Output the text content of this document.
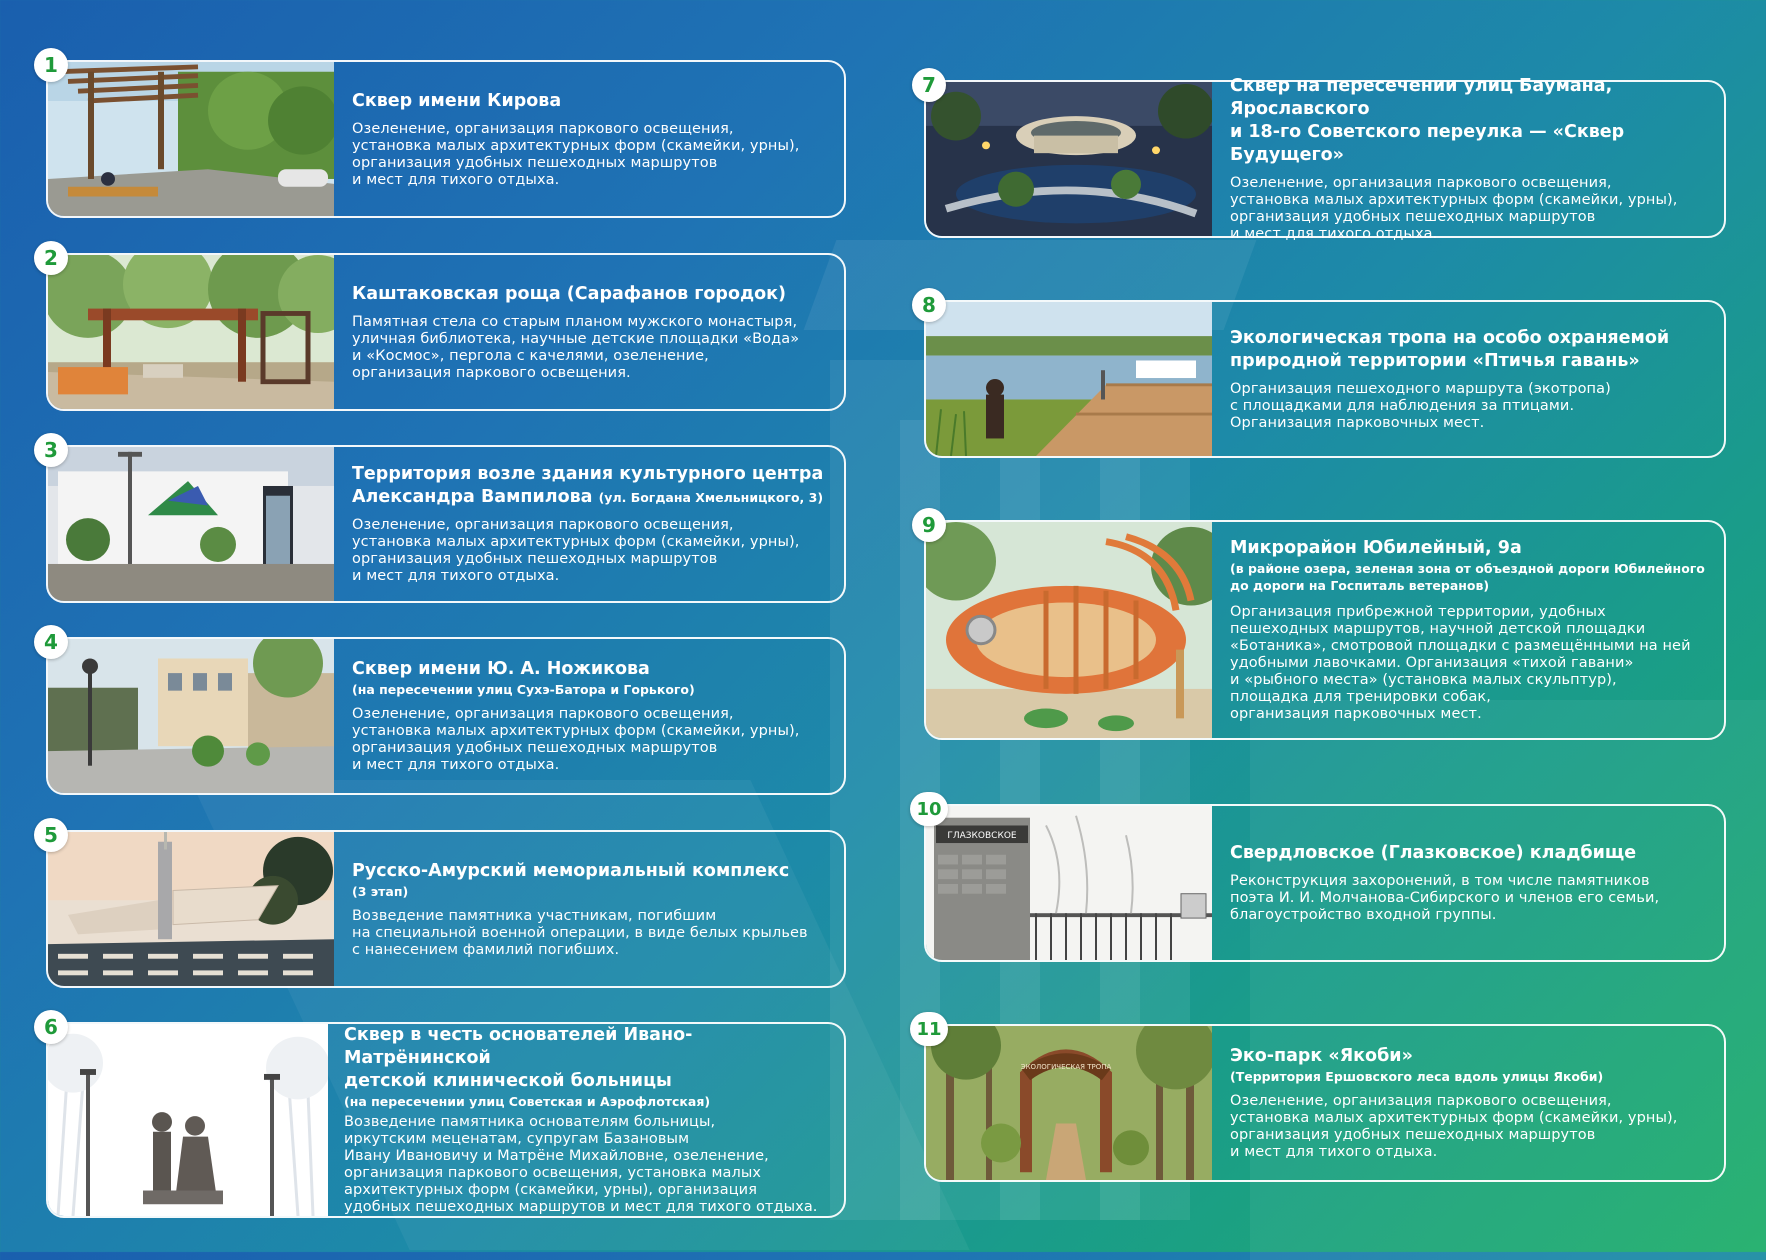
1

Сквер имени Кирова

Озеленение, организация паркового освещения,
установка малых архитектурных форм (скамейки, урны),
организация удобных пешеходных маршрутов
и мест для тихого отдыха.
2

Каштаковская роща (Сарафанов городок)

Памятная стела со старым планом мужского монастыря,
уличная библиотека, научные детские площадки «Вода»
и «Космос», пергола с качелями, озеленение,
организация паркового освещения.
3

Территория возле здания культурного центра

Александра Вампилова (ул. Богдана Хмельницкого, 3)

Озеленение, организация паркового освещения,
установка малых архитектурных форм (скамейки, урны),
организация удобных пешеходных маршрутов
и мест для тихого отдыха.
4

Сквер имени Ю. А. Ножикова

(на пересечении улиц Сухэ-Батора и Горького)

Озеленение, организация паркового освещения,
установка малых архитектурных форм (скамейки, урны),
организация удобных пешеходных маршрутов
и мест для тихого отдыха.
5

Русско-Амурский мемориальный комплекс

(3 этап)

Возведение памятника участникам, погибшим
на специальной военной операции, в виде белых крыльев
с нанесением фамилий погибших.
6	Сквер в честь основателей Ивано-Матрёнинской
детской клинической больницы

(на пересечении улиц Советская и Аэрофлотская)

Возведение памятника основателям больницы,
иркутским меценатам, супругам Базановым
Ивану Ивановичу и Матрёне Михайловне, озеленение,
организация паркового освещения, установка малых
архитектурных форм (скамейки, урны), организация
удобных пешеходных маршрутов и мест для тихого отдыха.
7	Сквер на пересечении улиц Баумана, Ярославского
и 18-го Советского переулка — «Сквер Будущего»

Озеленение, организация паркового освещения,
установка малых архитектурных форм (скамейки, урны),
организация удобных пешеходных маршрутов
и мест для тихого отдыха.
8

Экологическая тропа на особо охраняемой
природной территории «Птичья гавань»

Организация пешеходного маршрута (экотропа)
с площадками для наблюдения за птицами.
Организация парковочных мест.
9

Микрорайон Юбилейный, 9а

(в районе озера, зеленая зона от объездной дороги Юбилейного
до дороги на Госпиталь ветеранов)

Организация прибрежной территории, удобных
пешеходных маршрутов, научной детской площадки
«Ботаника», смотровой площадки с размещёнными на ней
удобными лавочками. Организация «тихой гавани»
и «рыбного места» (установка малых скульптур),
площадка для тренировки собак,
организация парковочных мест.
10
ГЛАЗКОВСКОЕ

Свердловское (Глазковское) кладбище

Реконструкция захоронений, в том числе памятников
поэта И. И. Молчанова-Сибирского и членов его семьи,
благоустройство входной группы.
11
ЭКОЛОГИЧЕСКАЯ ТРОПА

Эко-парк «Якоби»

(Территория Ершовского леса вдоль улицы Якоби)

Озеленение, организация паркового освещения,
установка малых архитектурных форм (скамейки, урны),
организация удобных пешеходных маршрутов
и мест для тихого отдыха.
